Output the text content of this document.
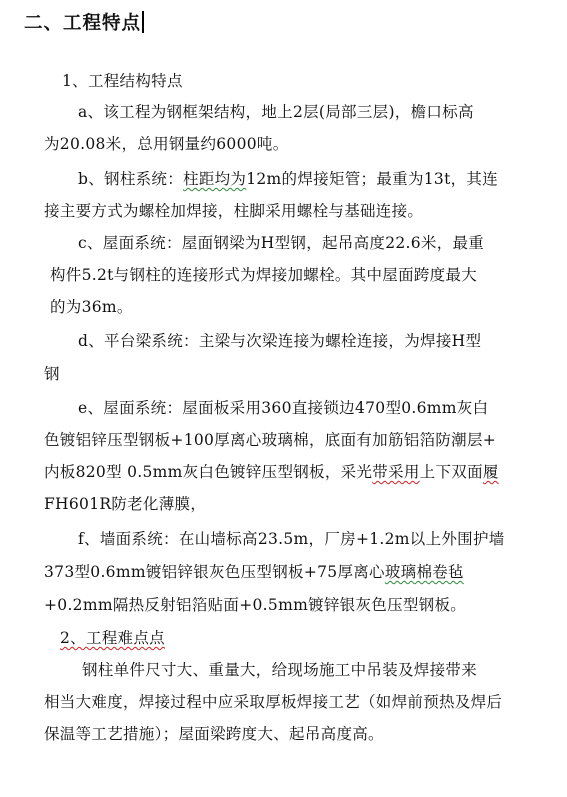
二、工程特点
1、工程结构特点
a、该工程为钢框架结构，地上2层(局部三层)，檐口标高
为20.08米，总用钢量约6000吨。
b、钢柱系统：柱距均为12m的焊接矩管；最重为13t，其连
接主要方式为螺栓加焊接，柱脚采用螺栓与基础连接。
c、屋面系统：屋面钢梁为H型钢，起吊高度22.6米，最重
构件5.2t与钢柱的连接形式为焊接加螺栓。其中屋面跨度最大
的为36m。
d、平台梁系统：主梁与次梁连接为螺栓连接，为焊接H型
钢
e、屋面系统：屋面板采用360直接锁边470型0.6mm灰白
色镀铝锌压型钢板+100厚离心玻璃棉，底面有加筋铝箔防潮层+
内板820型 0.5mm灰白色镀锌压型钢板，采光带采用上下双面履
FH601R防老化薄膜，
f、墙面系统：在山墙标高23.5m，厂房+1.2m以上外围护墙
373型0.6mm镀铝锌银灰色压型钢板+75厚离心玻璃棉卷毡
+0.2mm隔热反射铝箔贴面+0.5mm镀锌银灰色压型钢板。
2、工程难点点
钢柱单件尺寸大、重量大，给现场施工中吊装及焊接带来
相当大难度，焊接过程中应采取厚板焊接工艺（如焊前预热及焊后
保温等工艺措施）；屋面梁跨度大、起吊高度高。
